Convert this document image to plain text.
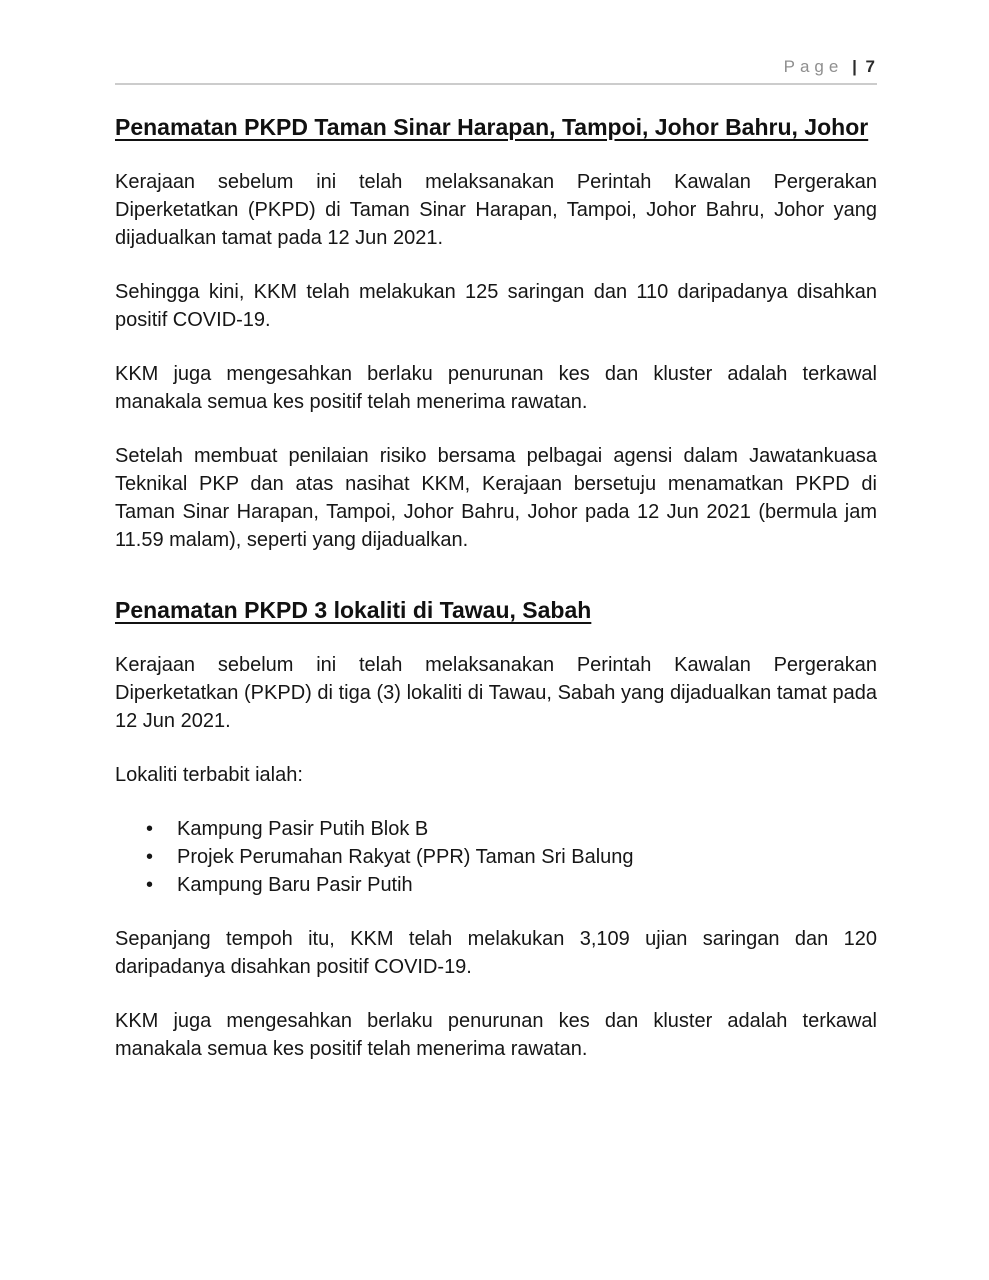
Page | 7
Penamatan PKPD Taman Sinar Harapan, Tampoi, Johor Bahru, Johor

Kerajaan sebelum ini telah melaksanakan Perintah Kawalan Pergerakan Diperketatkan (PKPD) di Taman Sinar Harapan, Tampoi, Johor Bahru, Johor yang dijadualkan tamat pada 12 Jun 2021.

Sehingga kini, KKM telah melakukan 125 saringan dan 110 daripadanya disahkan positif COVID-19.

KKM juga mengesahkan berlaku penurunan kes dan kluster adalah terkawal manakala semua kes positif telah menerima rawatan.

Setelah membuat penilaian risiko bersama pelbagai agensi dalam Jawatankuasa Teknikal PKP dan atas nasihat KKM, Kerajaan bersetuju menamatkan PKPD di Taman Sinar Harapan, Tampoi, Johor Bahru, Johor pada 12 Jun 2021 (bermula jam 11.59 malam), seperti yang dijadualkan.

Penamatan PKPD 3 lokaliti di Tawau, Sabah

Kerajaan sebelum ini telah melaksanakan Perintah Kawalan Pergerakan Diperketatkan (PKPD) di tiga (3) lokaliti di Tawau, Sabah yang dijadualkan tamat pada 12 Jun 2021.

Lokaliti terbabit ialah:

• Kampung Pasir Putih Blok B
• Projek Perumahan Rakyat (PPR) Taman Sri Balung
• Kampung Baru Pasir Putih

Sepanjang tempoh itu, KKM telah melakukan 3,109 ujian saringan dan 120 daripadanya disahkan positif COVID-19.

KKM juga mengesahkan berlaku penurunan kes dan kluster adalah terkawal manakala semua kes positif telah menerima rawatan.
